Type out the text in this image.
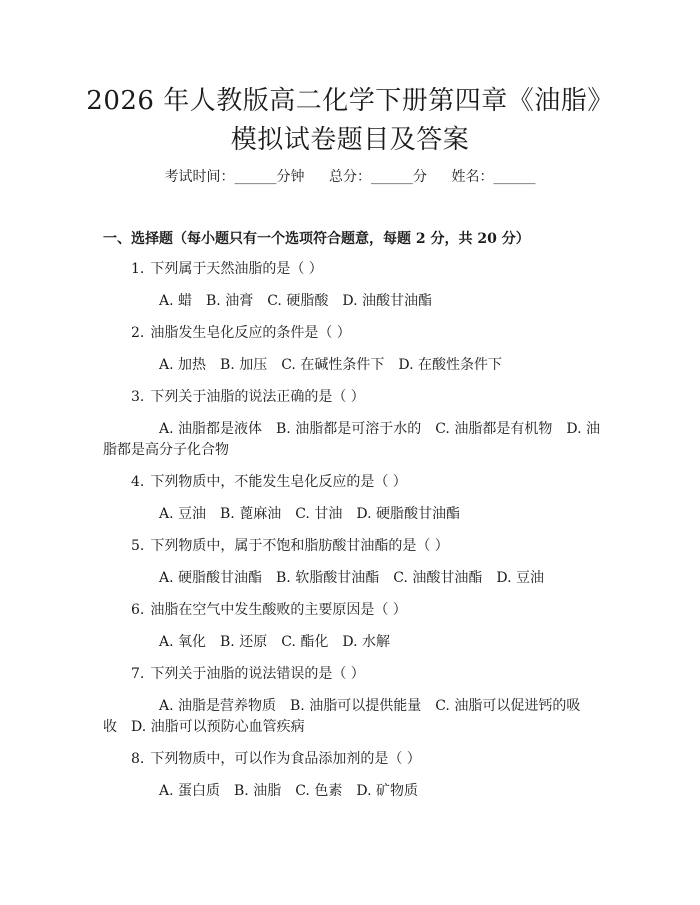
2026 年人教版高二化学下册第四章《油脂》
模拟试卷题目及答案
考试时间：______分钟 总分：______分 姓名：______
一、选择题（每小题只有一个选项符合题意，每题 2 分，共 20 分）
1. 下列属于天然油脂的是（ ）
A. 蜡 B. 油膏 C. 硬脂酸 D. 油酸甘油酯
2. 油脂发生皂化反应的条件是（ ）
A. 加热 B. 加压 C. 在碱性条件下 D. 在酸性条件下
3. 下列关于油脂的说法正确的是（ ）
A. 油脂都是液体 B. 油脂都是可溶于水的 C. 油脂都是有机物 D. 油脂都是高分子化合物
4. 下列物质中，不能发生皂化反应的是（ ）
A. 豆油 B. 蓖麻油 C. 甘油 D. 硬脂酸甘油酯
5. 下列物质中，属于不饱和脂肪酸甘油酯的是（ ）
A. 硬脂酸甘油酯 B. 软脂酸甘油酯 C. 油酸甘油酯 D. 豆油
6. 油脂在空气中发生酸败的主要原因是（ ）
A. 氧化 B. 还原 C. 酯化 D. 水解
7. 下列关于油脂的说法错误的是（ ）
A. 油脂是营养物质 B. 油脂可以提供能量 C. 油脂可以促进钙的吸收 D. 油脂可以预防心血管疾病
8. 下列物质中，可以作为食品添加剂的是（ ）
A. 蛋白质 B. 油脂 C. 色素 D. 矿物质
